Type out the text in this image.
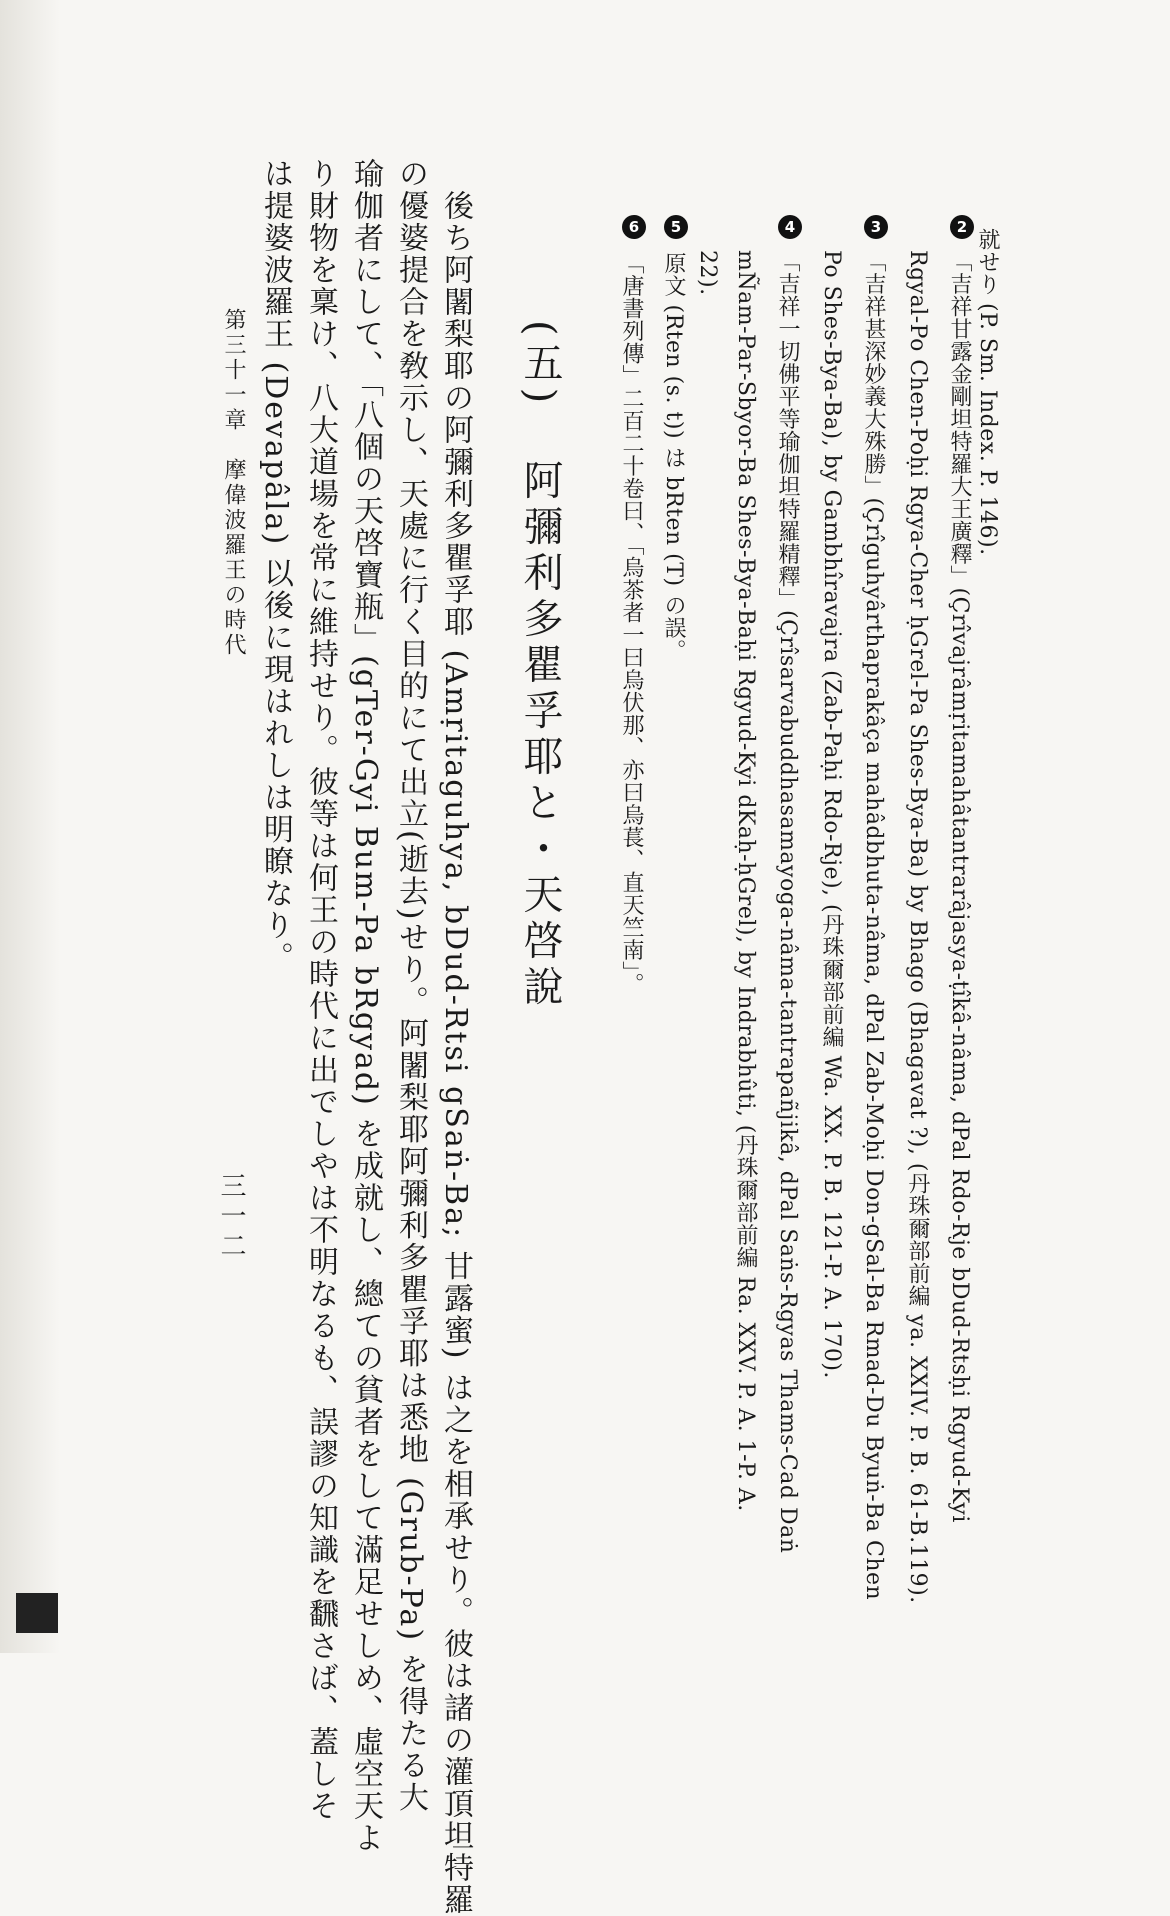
就せり (P. Sm. Index. P. 146).
2
「吉祥甘露金剛坦特羅大王廣釋」(Çrîvajrâmṛitamahâtantrarâjasya-ṭîkâ-nâma, dPal Rdo-Rje bDud-Rtsḥi Rgyud-Kyi
Rgyal-Po Chen-Poḥi Rgya-Cher ḥGrel-Pa Shes-Bya-Ba) by Bhago (Bhagavat ?), (丹珠爾部前編 ya. XXIV. P. B. 61-B.119).
3
「吉祥甚深妙義大殊勝」(Çrîguhyârthaprakâça mahâdbhuta-nâma, dPal Zab-Moḥi Don-gSal-Ba Rmad-Du Byuṅ-Ba Chen
Po Shes-Bya-Ba), by Gambhîravajra (Zab-Paḥi Rdo-Rje), (丹珠爾部前編 Wa. XX. P. B. 121-P. A. 170).
4
「吉祥一切佛平等瑜伽坦特羅精釋」(Çrîsarvabuddhasamayoga-nâma-tantrapañjikâ, dPal Saṅs-Rgyas Thams-Cad Daṅ
mÑam-Par-Sbyor-Ba Shes-Bya-Baḥi Rgyud-Kyi dKaḥ-ḥGrel), by Indrabhûti, (丹珠爾部前編 Ra. XXV. P. A. 1-P. A.
22).
5
原文 (Rten (s. t)) は bRten (T) の誤。
6
「唐書列傳」二百二十卷曰、「烏茶者一曰烏伏那、亦曰烏萇、直天竺南」。
(五)阿彌利多瞿孚耶と・天啓說
後ち阿闍梨耶の阿彌利多瞿孚耶 (Amṛitaguhya, bDud-Rtsi gSaṅ-Ba; 甘露蜜) は之を相承せり。彼は諸の灌頂坦特羅
の優婆提合を敎示し、天處に行く目的にて出立(逝去)せり。阿闍梨耶阿彌利多瞿孚耶は悉地 (Grub-Pa) を得たる大
瑜伽者にして、「八個の天啓寶瓶」(gTer-Gyi Bum-Pa bRgyad) を成就し、總ての貧者をして滿足せしめ、虛空天よ
り財物を稟け、八大道場を常に維持せり。彼等は何王の時代に出でしやは不明なるも、誤謬の知識を飜さば、蓋しそ
は提婆波羅王 (Devapâla) 以後に現はれしは明瞭なり。
第三十一章　摩偉波羅王の時代
三一二
